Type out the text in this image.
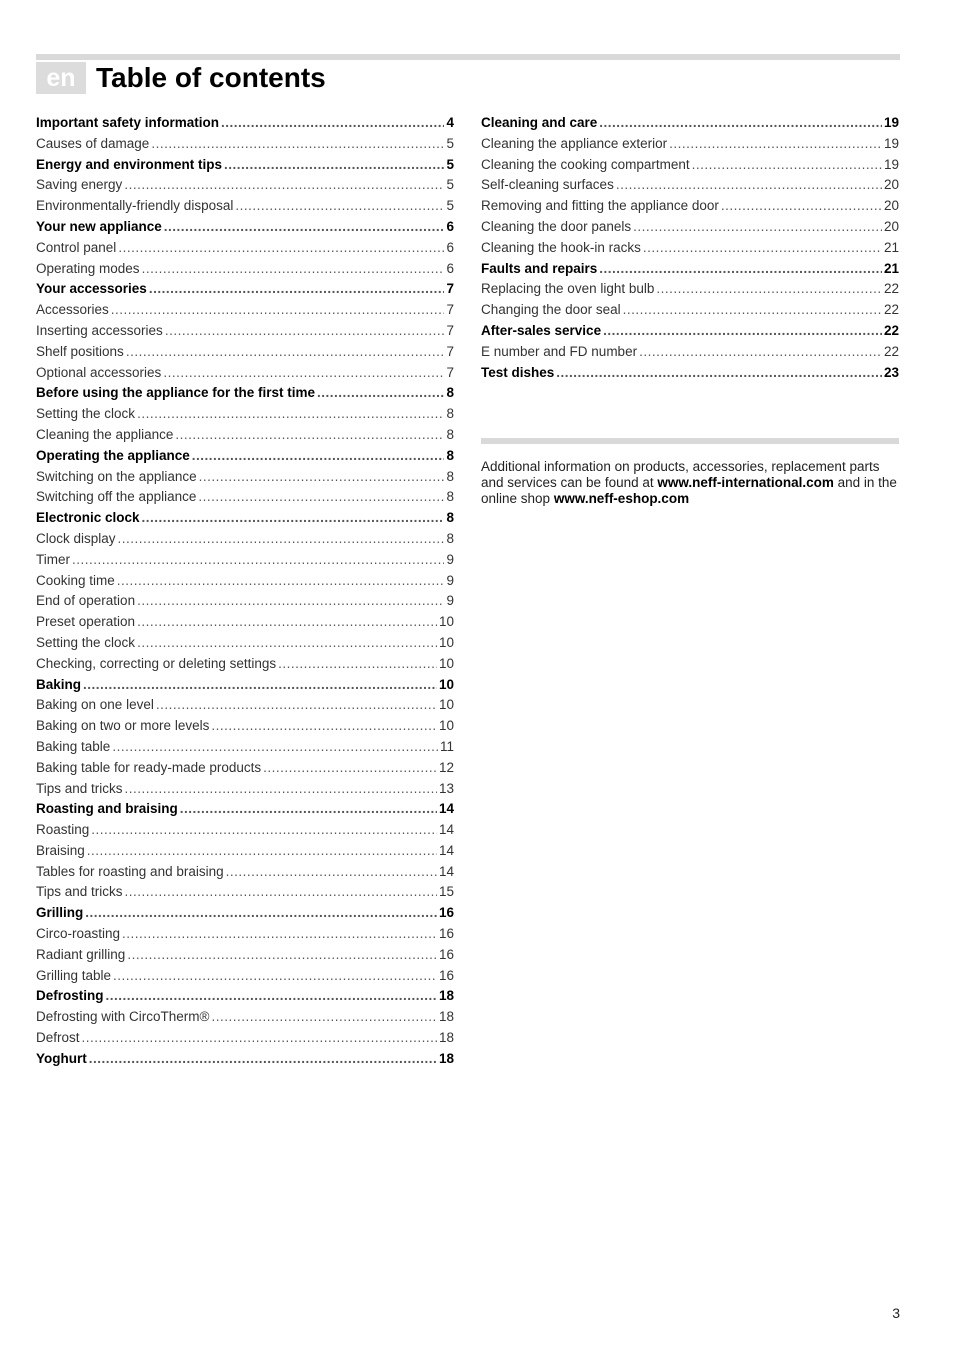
en Table of contents
Important safety information .....	4
Causes of damage .....	5
Energy and environment tips .....	5
Saving energy .....	5
Environmentally-friendly disposal .....	5
Your new appliance .....	6
Control panel .....	6
Operating modes .....	6
Your accessories .....	7
Accessories .....	7
Inserting accessories .....	7
Shelf positions .....	7
Optional accessories .....	7
Before using the appliance for the first time .....	8
Setting the clock .....	8
Cleaning the appliance .....	8
Operating the appliance .....	8
Switching on the appliance .....	8
Switching off the appliance .....	8
Electronic clock .....	8
Clock display .....	8
Timer .....	9
Cooking time .....	9
End of operation .....	9
Preset operation .....	10
Setting the clock .....	10
Checking, correcting or deleting settings .....	10
Baking .....	10
Baking on one level .....	10
Baking on two or more levels .....	10
Baking table .....	11
Baking table for ready-made products .....	12
Tips and tricks .....	13
Roasting and braising .....	14
Roasting .....	14
Braising .....	14
Tables for roasting and braising .....	14
Tips and tricks .....	15
Grilling .....	16
Circo-roasting .....	16
Radiant grilling .....	16
Grilling table .....	16
Defrosting .....	18
Defrosting with CircoTherm® .....	18
Defrost .....	18
Yoghurt .....	18
Cleaning and care .....	19
Cleaning the appliance exterior .....	19
Cleaning the cooking compartment .....	19
Self-cleaning surfaces .....	20
Removing and fitting the appliance door .....	20
Cleaning the door panels .....	20
Cleaning the hook-in racks .....	21
Faults and repairs .....	21
Replacing the oven light bulb .....	22
Changing the door seal .....	22
After-sales service .....	22
E number and FD number .....	22
Test dishes .....	23
Additional information on products, accessories, replacement parts and services can be found at www.neff-international.com and in the online shop www.neff-eshop.com
3
